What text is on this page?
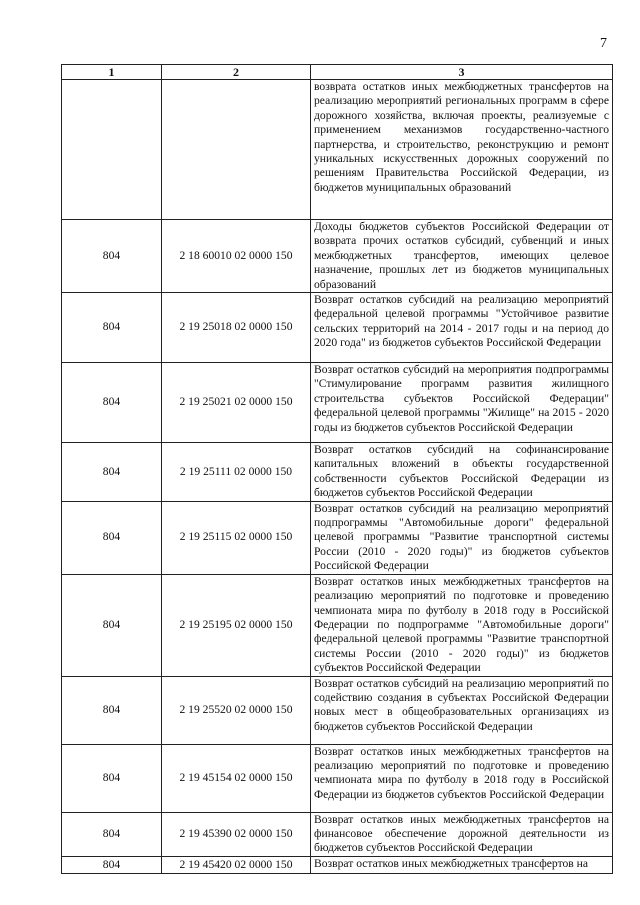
7
1	2	3
		возврата остатков иных межбюджетных трансфертов на реализацию мероприятий региональных программ в сфере дорожного хозяйства, включая проекты, реализуемые с применением механизмов государственно-частного партнерства, и строительство, реконструкцию и ремонт уникальных искусственных дорожных сооружений по решениям Правительства Российской Федерации, из бюджетов муниципальных образований
804	2 18 60010 02 0000 150	Доходы бюджетов субъектов Российской Федерации от возврата прочих остатков субсидий, субвенций и иных межбюджетных трансфертов, имеющих целевое назначение, прошлых лет из бюджетов муниципальных образований
804	2 19 25018 02 0000 150	Возврат остатков субсидий на реализацию мероприятий федеральной целевой программы "Устойчивое развитие сельских территорий на 2014 - 2017 годы и на период до 2020 года" из бюджетов субъектов Российской Федерации
804	2 19 25021 02 0000 150	Возврат остатков субсидий на мероприятия подпрограммы "Стимулирование программ развития жилищного строительства субъектов Российской Федерации" федеральной целевой программы "Жилище" на 2015 - 2020 годы из бюджетов субъектов Российской Федерации
804	2 19 25111 02 0000 150	Возврат остатков субсидий на софинансирование капитальных вложений в объекты государственной собственности субъектов Российской Федерации из бюджетов субъектов Российской Федерации
804	2 19 25115 02 0000 150	Возврат остатков субсидий на реализацию мероприятий подпрограммы "Автомобильные дороги" федеральной целевой программы "Развитие транспортной системы России (2010 - 2020 годы)" из бюджетов субъектов Российской Федерации
804	2 19 25195 02 0000 150	Возврат остатков иных межбюджетных трансфертов на реализацию мероприятий по подготовке и проведению чемпионата мира по футболу в 2018 году в Российской Федерации по подпрограмме "Автомобильные дороги" федеральной целевой программы "Развитие транспортной системы России (2010 - 2020 годы)" из бюджетов субъектов Российской Федерации
804	2 19 25520 02 0000 150	Возврат остатков субсидий на реализацию мероприятий по содействию создания в субъектах Российской Федерации новых мест в общеобразовательных организациях из бюджетов субъектов Российской Федерации
804	2 19 45154 02 0000 150	Возврат остатков иных межбюджетных трансфертов на реализацию мероприятий по подготовке и проведению чемпионата мира по футболу в 2018 году в Российской Федерации из бюджетов субъектов Российской Федерации
804	2 19 45390 02 0000 150	Возврат остатков иных межбюджетных трансфертов на финансовое обеспечение дорожной деятельности из бюджетов субъектов Российской Федерации
804	2 19 45420 02 0000 150	Возврат остатков иных межбюджетных трансфертов на
